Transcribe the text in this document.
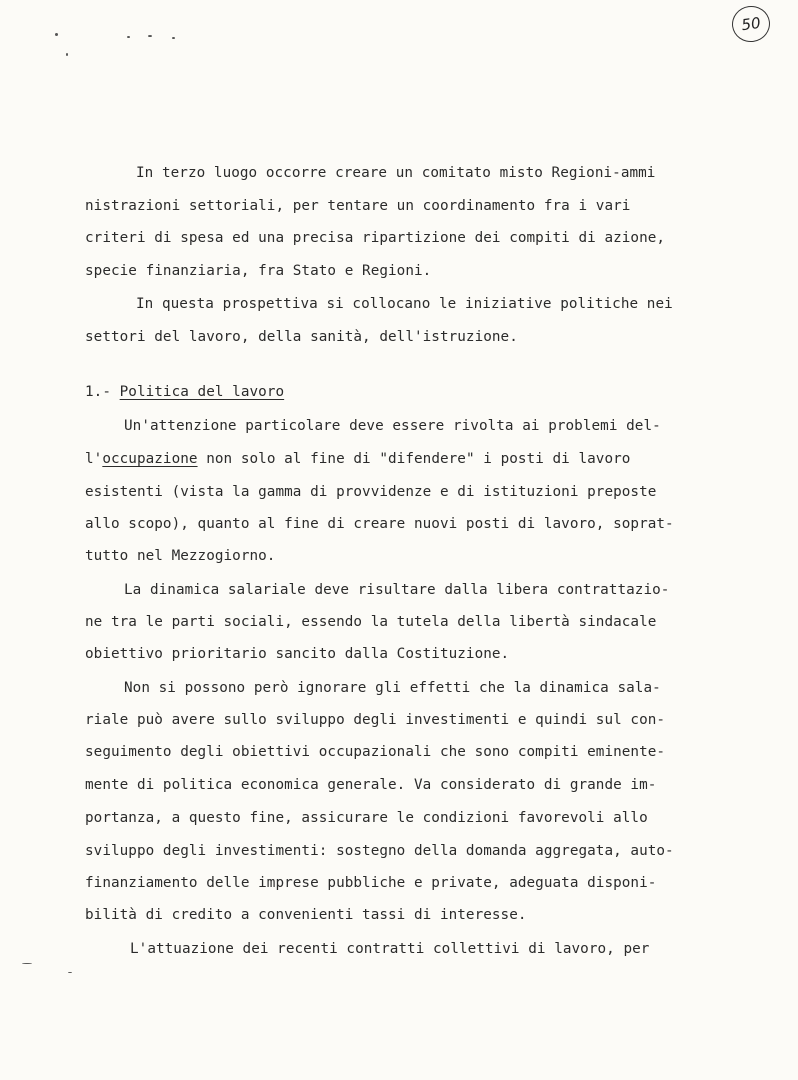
50
In terzo luogo occorre creare un comitato misto Regioni-ammi
nistrazioni settoriali, per tentare un coordinamento fra i vari
criteri di spesa ed una precisa ripartizione dei compiti di azione,
specie finanziaria, fra Stato e Regioni.
In questa prospettiva si collocano le iniziative politiche nei
settori del lavoro, della sanità, dell'istruzione.
1.- Politica del lavoro
Un'attenzione particolare deve essere rivolta ai problemi del-
l'occupazione non solo al fine di "difendere" i posti di lavoro
esistenti (vista la gamma di provvidenze e di istituzioni preposte
allo scopo), quanto al fine di creare nuovi posti di lavoro, soprat-
tutto nel Mezzogiorno.
La dinamica salariale deve risultare dalla libera contrattazio-
ne tra le parti sociali, essendo la tutela della libertà sindacale
obiettivo prioritario sancito dalla Costituzione.
Non si possono però ignorare gli effetti che la dinamica sala-
riale può avere sullo sviluppo degli investimenti e quindi sul con-
seguimento degli obiettivi occupazionali che sono compiti eminente-
mente di politica economica generale. Va considerato di grande im-
portanza, a questo fine, assicurare le condizioni favorevoli allo
sviluppo degli investimenti: sostegno della domanda aggregata, auto-
finanziamento delle imprese pubbliche e private, adeguata disponi-
bilità di credito a convenienti tassi di interesse.
L'attuazione dei recenti contratti collettivi di lavoro, per
